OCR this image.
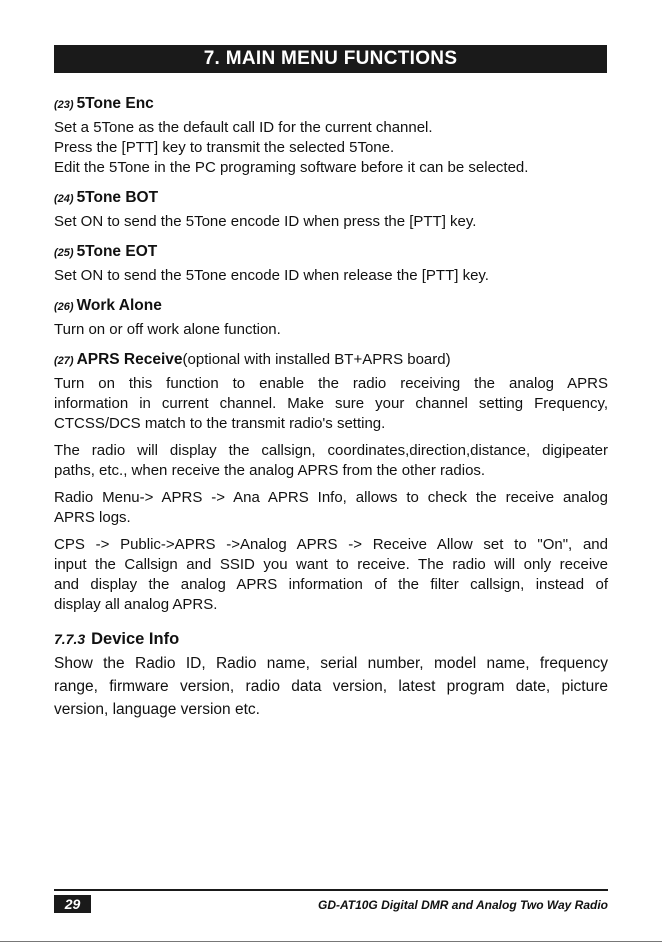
7. MAIN MENU FUNCTIONS
(23) 5Tone Enc

Set a 5Tone as the default call ID for the current channel.

Press the [PTT] key to transmit the selected 5Tone.

Edit the 5Tone in the PC programing software before it can be selected.

(24) 5Tone BOT

Set ON to send the 5Tone encode ID when press the [PTT] key.

(25) 5Tone EOT

Set ON to send the 5Tone encode ID when release the [PTT] key.

(26) Work Alone

Turn on or off work alone function.

(27) APRS Receive(optional with installed BT+APRS board)

Turn on this function to enable the radio receiving the analog APRS

information in current channel. Make sure your channel setting Frequency,

CTCSS/DCS match to the transmit radio's setting.

The radio will display the callsign, coordinates,direction,distance, digipeater

paths, etc., when receive the analog APRS from the other radios.

Radio Menu-> APRS -> Ana APRS Info, allows to check the receive analog

APRS logs.

CPS -> Public->APRS ->Analog APRS -> Receive Allow set to "On", and

input the Callsign and SSID you want to receive. The radio will only receive

and display the analog APRS information of the filter callsign, instead of

display all analog APRS.

7.7.3 Device Info

Show the Radio ID, Radio name, serial number, model name, frequency

range, firmware version, radio data version, latest program date, picture

version, language version etc.

29	GD-AT10G Digital DMR and Analog Two Way Radio
